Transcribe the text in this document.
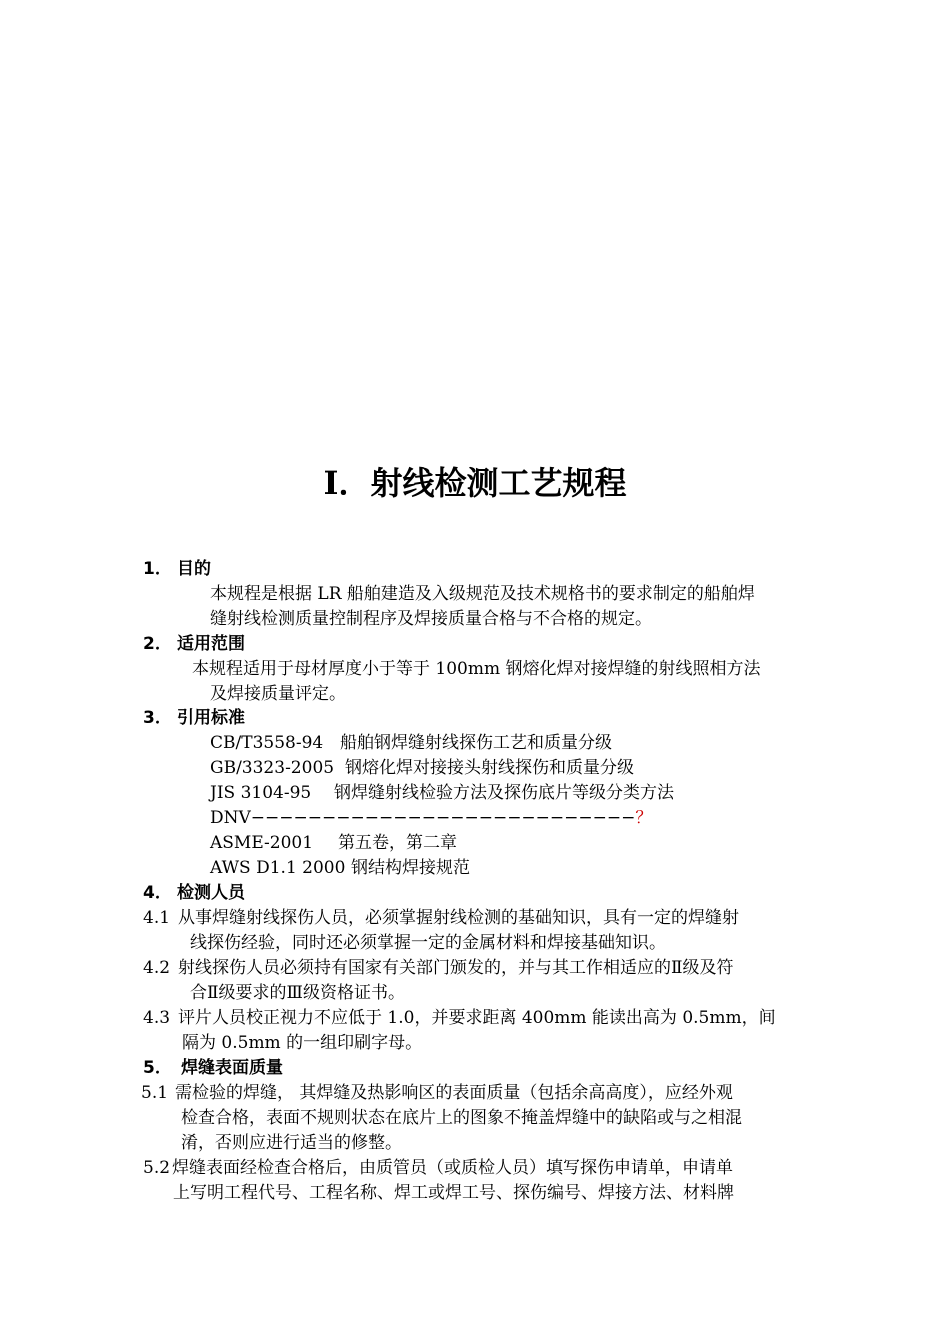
I．射线检测工艺规程
1． 目的
本规程是根据 LR 船舶建造及入级规范及技术规格书的要求制定的船舶焊
缝射线检测质量控制程序及焊接质量合格与不合格的规定。
2． 适用范围
本规程适用于母材厚度小于等于 100mm 钢熔化焊对接焊缝的射线照相方法
及焊接质量评定。
3． 引用标准
CB/T3558-94 船舶钢焊缝射线探伤工艺和质量分级
GB/3323-2005 钢熔化焊对接接头射线探伤和质量分级
JIS 3104-95 钢焊缝射线检验方法及探伤底片等级分类方法
DNV−−−−−−−−−−−−−−−−−−−−−−−−−−−？
ASME-2001 第五卷，第二章
AWS D1.1 2000 钢结构焊接规范
4． 检测人员
4.1 从事焊缝射线探伤人员，必须掌握射线检测的基础知识，具有一定的焊缝射
线探伤经验，同时还必须掌握一定的金属材料和焊接基础知识。
4.2 射线探伤人员必须持有国家有关部门颁发的，并与其工作相适应的Ⅱ级及符
合Ⅱ级要求的Ⅲ级资格证书。
4.3 评片人员校正视力不应低于 1.0，并要求距离 400mm 能读出高为 0.5mm，间
隔为 0.5mm 的一组印刷字母。
5． 焊缝表面质量
5.1 需检验的焊缝， 其焊缝及热影响区的表面质量（包括余高高度），应经外观
检查合格，表面不规则状态在底片上的图象不掩盖焊缝中的缺陷或与之相混
淆，否则应进行适当的修整。
5.2 焊缝表面经检查合格后，由质管员（或质检人员）填写探伤申请单，申请单
上写明工程代号、工程名称、焊工或焊工号、探伤编号、焊接方法、材料牌
